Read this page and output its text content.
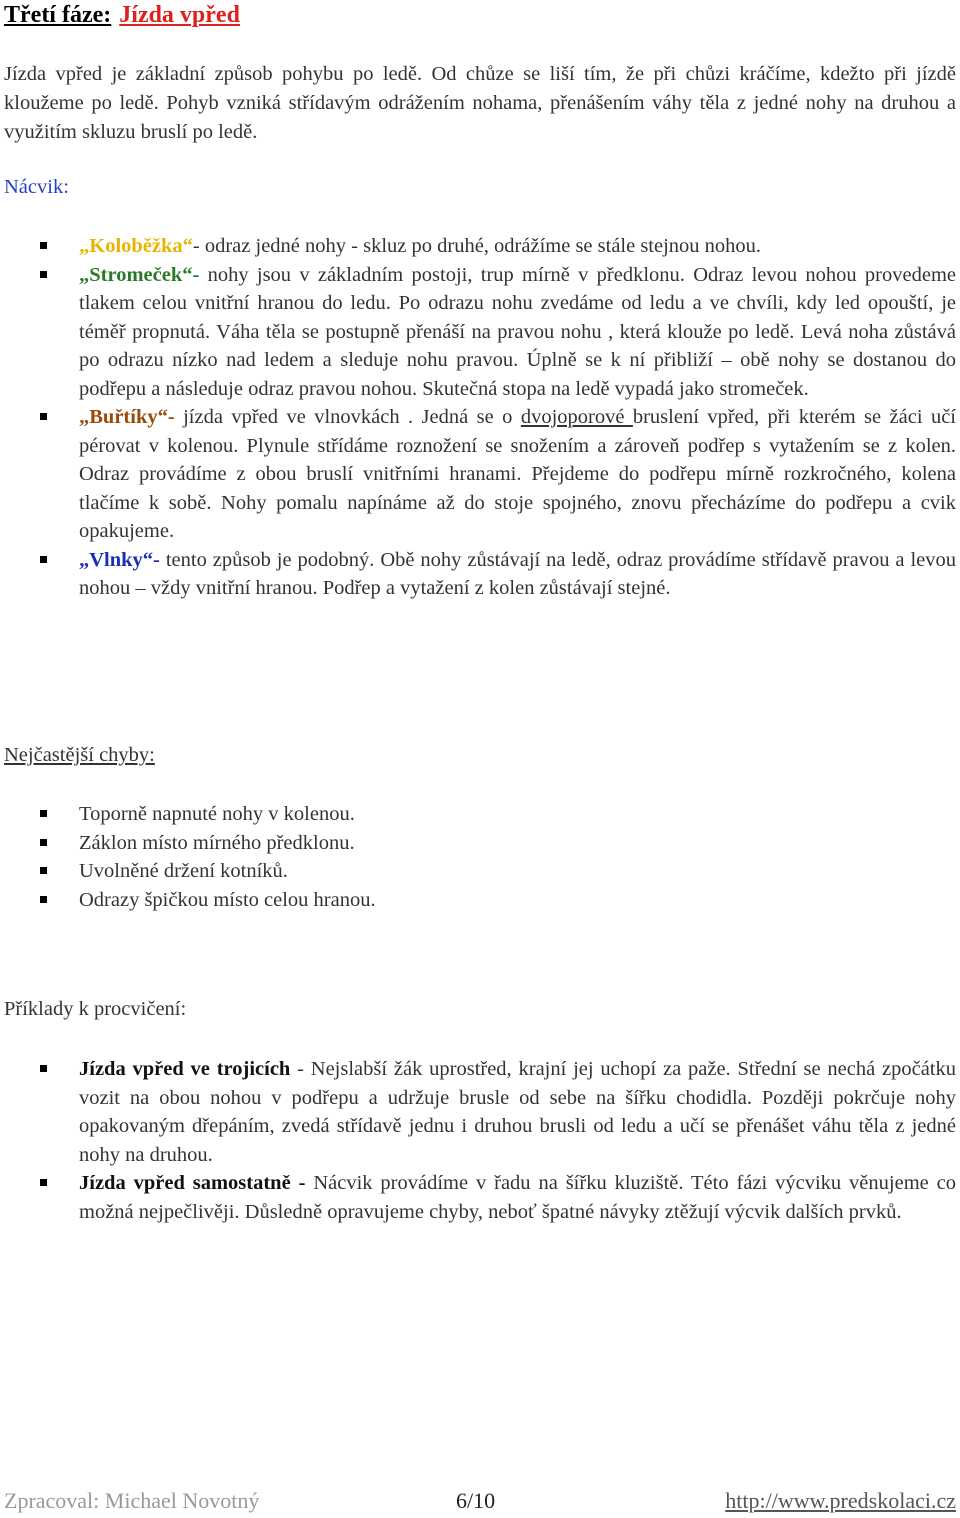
Třetí fáze: Jízda vpřed

Jízda vpřed je základní způsob pohybu po ledě. Od chůze se liší tím, že při chůzi kráčíme, kdežto při jízdě kloužeme po ledě. Pohyb vzniká střídavým odrážením nohama, přenášením váhy těla z jedné nohy na druhou a využitím skluzu bruslí po ledě.

Nácvik:
„Koloběžka“- odraz jedné nohy - skluz po druhé, odrážíme se stále stejnou nohou.
„Stromeček“- nohy jsou v základním postoji, trup mírně v předklonu. Odraz levou nohou provedeme tlakem celou vnitřní hranou do ledu. Po odrazu nohu zvedáme od ledu a ve chvíli, kdy led opouští, je téměř propnutá. Váha těla se postupně přenáší na pravou nohu , která klouže po ledě. Levá noha zůstává po odrazu nízko nad ledem a sleduje nohu pravou. Úplně se k ní přibliží – obě nohy se dostanou do podřepu a následuje odraz pravou nohou. Skutečná stopa na ledě vypadá jako stromeček.
„Buřtíky“- jízda vpřed ve vlnovkách . Jedná se o dvojoporové bruslení vpřed, při kterém se žáci učí pérovat v kolenou. Plynule střídáme roznožení se snožením a zároveň podřep s vytažením se z kolen. Odraz provádíme z obou bruslí vnitřními hranami. Přejdeme do podřepu mírně rozkročného, kolena tlačíme k sobě. Nohy pomalu napínáme až do stoje spojného, znovu přecházíme do podřepu a cvik opakujeme.
„Vlnky“- tento způsob je podobný. Obě nohy zůstávají na ledě, odraz provádíme střídavě pravou a levou nohou – vždy vnitřní hranou. Podřep a vytažení z kolen zůstávají stejné.
Nejčastější chyby:
Toporně napnuté nohy v kolenou.
Záklon místo mírného předklonu.
Uvolněné držení kotníků.
Odrazy špičkou místo celou hranou.
Příklady k procvičení:
Jízda vpřed ve trojicích - Nejslabší žák uprostřed, krajní jej uchopí za paže. Střední se nechá zpočátku vozit na obou nohou v podřepu a udržuje brusle od sebe na šířku chodidla. Později pokrčuje nohy opakovaným dřepáním, zvedá střídavě jednu i druhou brusli od ledu a učí se přenášet váhu těla z jedné nohy na druhou.
Jízda vpřed samostatně - Nácvik provádíme v řadu na šířku kluziště. Této fázi výcviku věnujeme co možná nejpečlivěji. Důsledně opravujeme chyby, neboť špatné návyky ztěžují výcvik dalších prvků.
Zpracoval: Michael Novotný	6/10	http://www.predskolaci.cz
